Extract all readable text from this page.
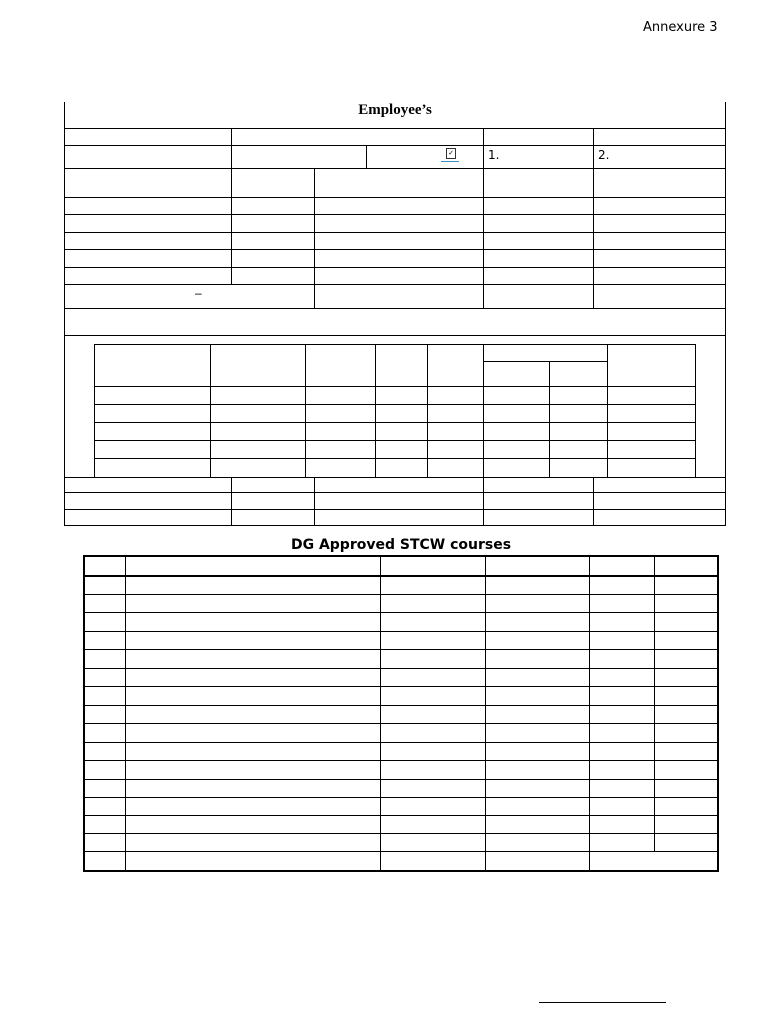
Annexure 3
Employee’s
1.	2.
✓
–
DG Approved STCW courses
